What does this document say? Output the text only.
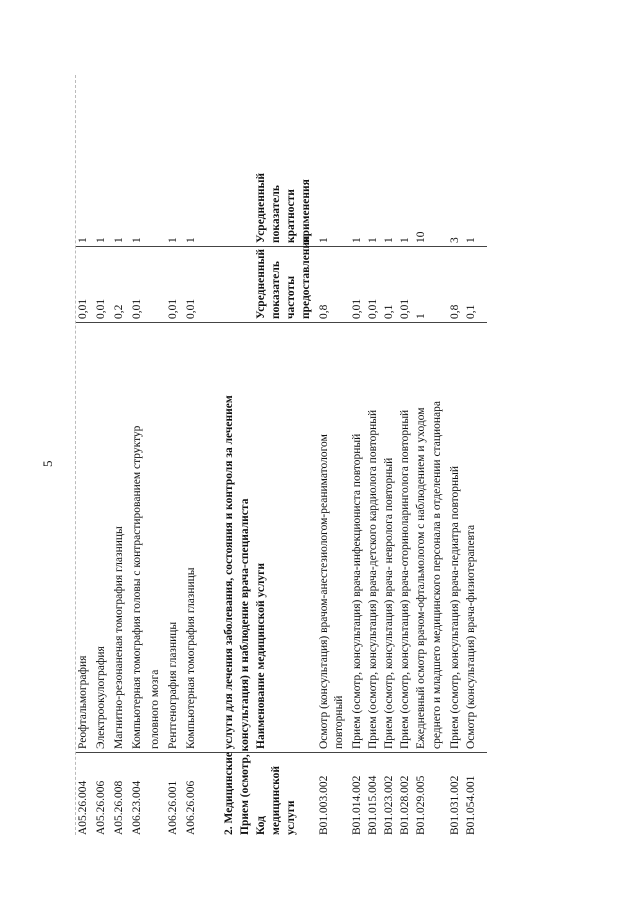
5
A05.26.004
Реофтальмография
0,01
1
A05.26.006
Электроокулография
0,01
1
A05.26.008
Магнитно-резонаненая томография глазницы
0,2
1
A06.23.004
Компьютерная томография головы с контрастированием структур
0,01
1
головного мозга
A06.26.001
Рентгенография глазницы
0,01
1
A06.26.006
Компьютерная томография глазницы
0,01
1
2. Медицинские услуги для лечения заболевания, состояния и контроля за лечением Прием (осмотр, консультация) и наблюдение врача-специалиста Код
Наименование медицинской услуги
Усредненный
Усредненный
медицинской
показатель
показатель
услуги
частоты
кратности
предоставления
применения
B01.003.002
Осмотр (консультация) врачом-анестезиологом-реаниматологом
0,8
1
повторный
B01.014.002
Прием (осмотр, консультация) врача-инфекциониста повторный
0,01
1
B01.015.004
Прием (осмотр, консультация) врача-детского кардиолога повторный
0,01
1
B01.023.002
Прием (осмотр, консультация) врача- невролога повторный
0,1
1
B01.028.002
Прием (осмотр, консультация) врача-оториноларинголога повторный
0,01
1
B01.029.005
Ежедневный осмотр врачом-офтальмологом с наблюдением и уходом
1
10
среднего и младшего медицинского персонала в отделении стационара
B01.031.002
Прием (осмотр, консультация) врача-педиатра повторный
0,8
3
B01.054.001
Осмотр (консультация) врача-физиотерапевта
0,1
1
